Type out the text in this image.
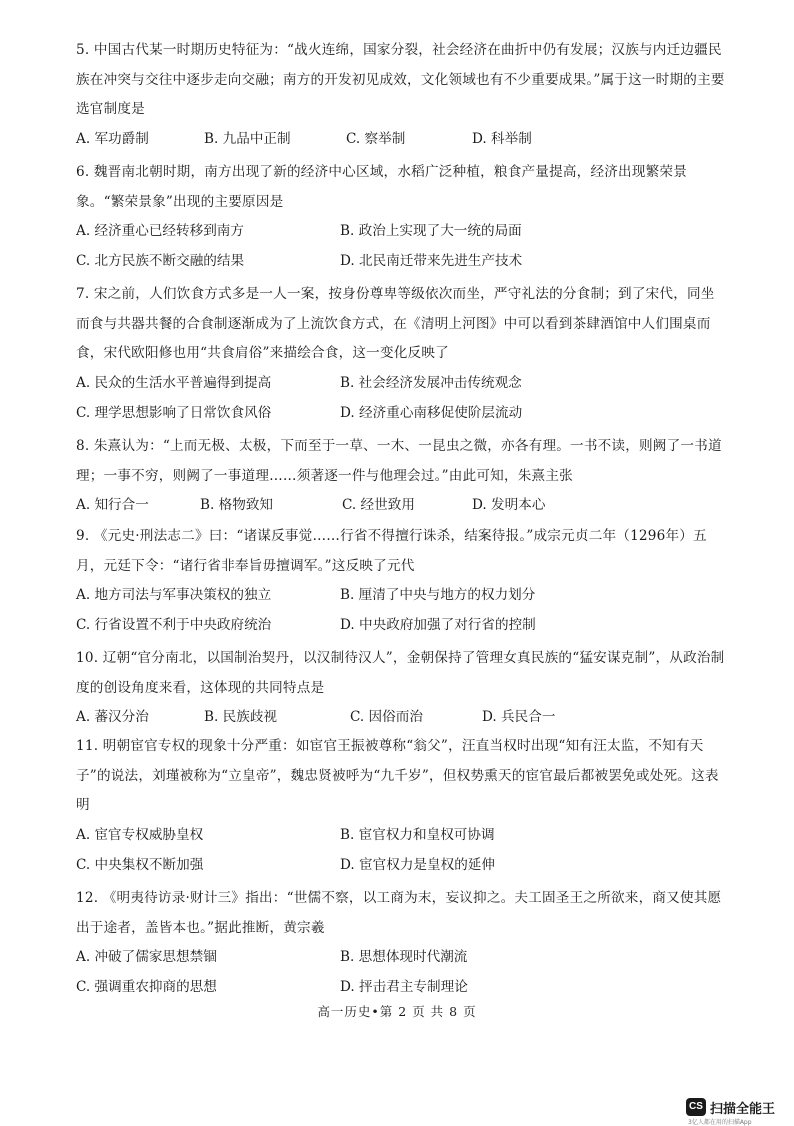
5. 中国古代某一时期历史特征为：“战火连绵，国家分裂，社会经济在曲折中仍有发展；汉族与内迁边疆民族在冲突与交往中逐步走向交融；南方的开发初见成效，文化领域也有不少重要成果。”属于这一时期的主要选官制度是
A. 军功爵制	B. 九品中正制	C. 察举制	D. 科举制
6. 魏晋南北朝时期，南方出现了新的经济中心区域，水稻广泛种植，粮食产量提高，经济出现繁荣景象。“繁荣景象”出现的主要原因是
A. 经济重心已经转移到南方	B. 政治上实现了大一统的局面
C. 北方民族不断交融的结果	D. 北民南迁带来先进生产技术
7. 宋之前，人们饮食方式多是一人一案，按身份尊卑等级依次而坐，严守礼法的分食制；到了宋代，同坐而食与共器共餐的合食制逐渐成为了上流饮食方式，在《清明上河图》中可以看到茶肆酒馆中人们围桌而食，宋代欧阳修也用“共食肩俗”来描绘合食，这一变化反映了
A. 民众的生活水平普遍得到提高	B. 社会经济发展冲击传统观念
C. 理学思想影响了日常饮食风俗	D. 经济重心南移促使阶层流动
8. 朱熹认为：“上而无极、太极，下而至于一草、一木、一昆虫之微，亦各有理。一书不读，则阙了一书道理；一事不穷，则阙了一事道理……须著逐一件与他理会过。”由此可知，朱熹主张
A. 知行合一	B. 格物致知	C. 经世致用	D. 发明本心
9. 《元史·刑法志二》曰：“诸谋反事觉……行省不得擅行诛杀，结案待报。”成宗元贞二年（1296年）五月，元廷下令：“诸行省非奉旨毋擅调军。”这反映了元代
A. 地方司法与军事决策权的独立	B. 厘清了中央与地方的权力划分
C. 行省设置不利于中央政府统治	D. 中央政府加强了对行省的控制
10. 辽朝“官分南北，以国制治契丹，以汉制待汉人”，金朝保持了管理女真民族的“猛安谋克制”，从政治制度的创设角度来看，这体现的共同特点是
A. 蕃汉分治	B. 民族歧视	C. 因俗而治	D. 兵民合一
11. 明朝宦官专权的现象十分严重：如宦官王振被尊称“翁父”，汪直当权时出现“知有汪太监，不知有天子”的说法，刘瑾被称为“立皇帝”，魏忠贤被呼为“九千岁”，但权势熏天的宦官最后都被罢免或处死。这表明
A. 宦官专权威胁皇权	B. 宦官权力和皇权可协调
C. 中央集权不断加强	D. 宦官权力是皇权的延伸
12. 《明夷待访录·财计三》指出：“世儒不察，以工商为末，妄议抑之。夫工固圣王之所欲来，商又使其愿出于途者，盖皆本也。”据此推断，黄宗羲
A. 冲破了儒家思想禁锢	B. 思想体现时代潮流
C. 强调重农抑商的思想	D. 抨击君主专制理论
高一历史•第 2 页 共 8 页
CS 扫描全能王
3亿人都在用的扫描App
